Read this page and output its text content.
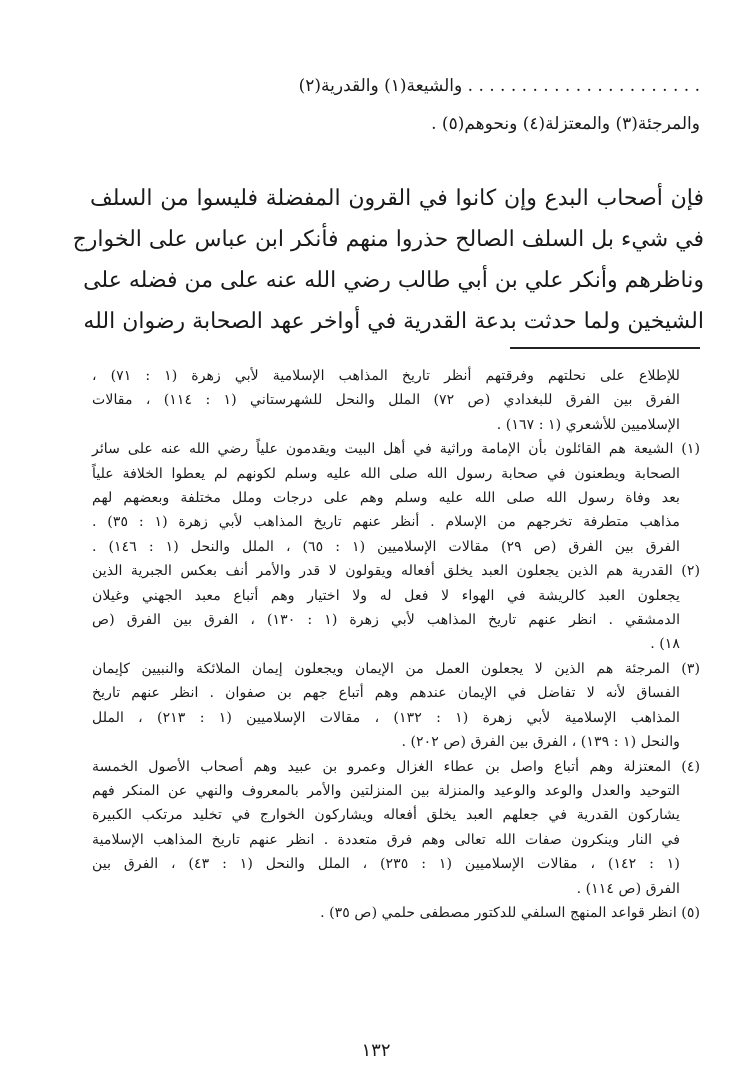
. . . . . . . . . . . . . . . . . . . . . . والشيعة(١) والقدرية(٢)
والمرجئة(٣) والمعتزلة(٤) ونحوهم(٥) .

فإن أصحاب البدع وإن كانوا في القرون المفضلة فليسوا من السلف

في شيء بل السلف الصالح حذروا منهم فأنكر ابن عباس على الخوارج

وناظرهم وأنكر علي بن أبي طالب رضي الله عنه على من فضله على

الشيخين ولما حدثت بدعة القدرية في أواخر عهد الصحابة رضوان الله

للإطلاع على نحلتهم وفرقتهم أنظر تاريخ المذاهب الإسلامية لأبي زهرة (١ : ٧١) ،
الفرق بين الفرق للبغدادي (ص ٧٢) الملل والنحل للشهرستاني (١ : ١١٤) ، مقالات
الإسلاميين للأشعري (١ : ١٦٧) .
(١) الشيعة هم القائلون بأن الإمامة وراثية في أهل البيت ويقدمون علياً رضي الله عنه على سائر
الصحابة ويطعنون في صحابة رسول الله صلى الله عليه وسلم لكونهم لم يعطوا الخلافة علياً
بعد وفاة رسول الله صلى الله عليه وسلم وهم على درجات وملل مختلفة وبعضهم لهم
مذاهب متطرفة تخرجهم من الإسلام . أنظر عنهم تاريخ المذاهب لأبي زهرة (١ : ٣٥) .
الفرق بين الفرق (ص ٢٩) مقالات الإسلاميين (١ : ٦٥) ، الملل والنحل (١ : ١٤٦) .
(٢) القدرية هم الذين يجعلون العبد يخلق أفعاله ويقولون لا قدر والأمر أنف بعكس الجبرية الذين
يجعلون العبد كالريشة في الهواء لا فعل له ولا اختيار وهم أتباع معبد الجهني وغيلان
الدمشقي . انظر عنهم تاريخ المذاهب لأبي زهرة (١ : ١٣٠) ، الفرق بين الفرق (ص
١٨) .
(٣) المرجئة هم الذين لا يجعلون العمل من الإيمان ويجعلون إيمان الملائكة والنبيين كإيمان
الفساق لأنه لا تفاضل في الإيمان عندهم وهم أتباع جهم بن صفوان . انظر عنهم تاريخ
المذاهب الإسلامية لأبي زهرة (١ : ١٣٢) ، مقالات الإسلاميين (١ : ٢١٣) ، الملل
والنحل (١ : ١٣٩) ، الفرق بين الفرق (ص ٢٠٢) .
(٤) المعتزلة وهم أتباع واصل بن عطاء الغزال وعمرو بن عبيد وهم أصحاب الأصول الخمسة
التوحيد والعدل والوعد والوعيد والمنزلة بين المنزلتين والأمر بالمعروف والنهي عن المنكر فهم
يشاركون القدرية في جعلهم العبد يخلق أفعاله ويشاركون الخوارج في تخليد مرتكب الكبيرة
في النار وينكرون صفات الله تعالى وهم فرق متعددة . انظر عنهم تاريخ المذاهب الإسلامية
(١ : ١٤٢) ، مقالات الإسلاميين (١ : ٢٣٥) ، الملل والنحل (١ : ٤٣) ، الفرق بين
الفرق (ص ١١٤) .
(٥) انظر قواعد المنهج السلفي للدكتور مصطفى حلمي (ص ٣٥) .
١٣٢
